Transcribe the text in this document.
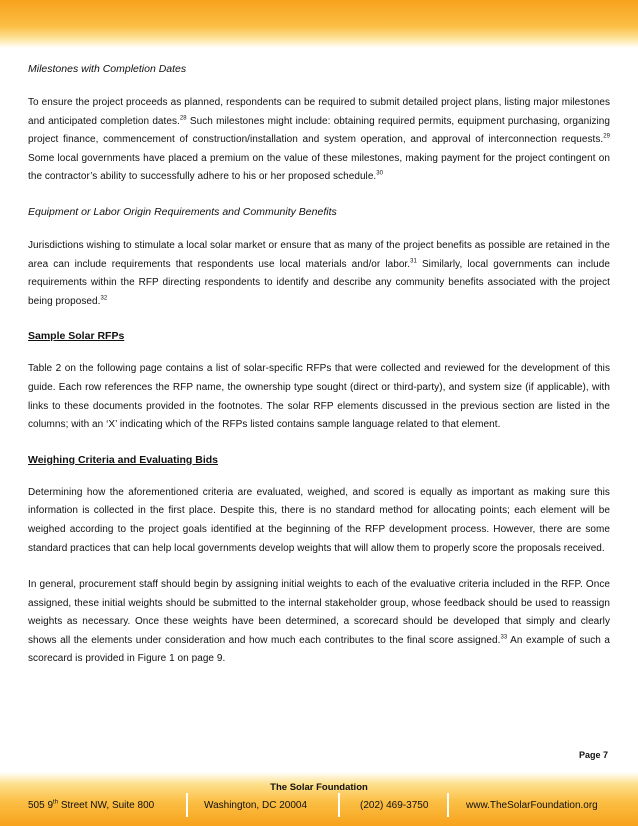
Milestones with Completion Dates

To ensure the project proceeds as planned, respondents can be required to submit detailed project plans, listing major milestones and anticipated completion dates.$^{28}$ Such milestones might include: obtaining required permits, equipment purchasing, organizing project finance, commencement of construction/installation and system operation, and approval of interconnection requests.$^{29}$ Some local governments have placed a premium on the value of these milestones, making payment for the project contingent on the contractor’s ability to successfully adhere to his or her proposed schedule.$^{30}$

Equipment or Labor Origin Requirements and Community Benefits

Jurisdictions wishing to stimulate a local solar market or ensure that as many of the project benefits as possible are retained in the area can include requirements that respondents use local materials and/or labor.$^{31}$ Similarly, local governments can include requirements within the RFP directing respondents to identify and describe any community benefits associated with the project being proposed.$^{32}$

Sample Solar RFPs

Table 2 on the following page contains a list of solar-specific RFPs that were collected and reviewed for the development of this guide. Each row references the RFP name, the ownership type sought (direct or third-party), and system size (if applicable), with links to these documents provided in the footnotes. The solar RFP elements discussed in the previous section are listed in the columns; with an ‘X’ indicating which of the RFPs listed contains sample language related to that element.

Weighing Criteria and Evaluating Bids

Determining how the aforementioned criteria are evaluated, weighed, and scored is equally as important as making sure this information is collected in the first place. Despite this, there is no standard method for allocating points; each element will be weighed according to the project goals identified at the beginning of the RFP development process. However, there are some standard practices that can help local governments develop weights that will allow them to properly score the proposals received.

In general, procurement staff should begin by assigning initial weights to each of the evaluative criteria included in the RFP. Once assigned, these initial weights should be submitted to the internal stakeholder group, whose feedback should be used to reassign weights as necessary. Once these weights have been determined, a scorecard should be developed that simply and clearly shows all the elements under consideration and how much each contributes to the final score assigned.$^{33}$ An example of such a scorecard is provided in Figure 1 on page 9.

Page 7
The Solar Foundation
505 9th Street NW, Suite 800	Washington, DC 20004	(202) 469-3750	www.TheSolarFoundation.org
